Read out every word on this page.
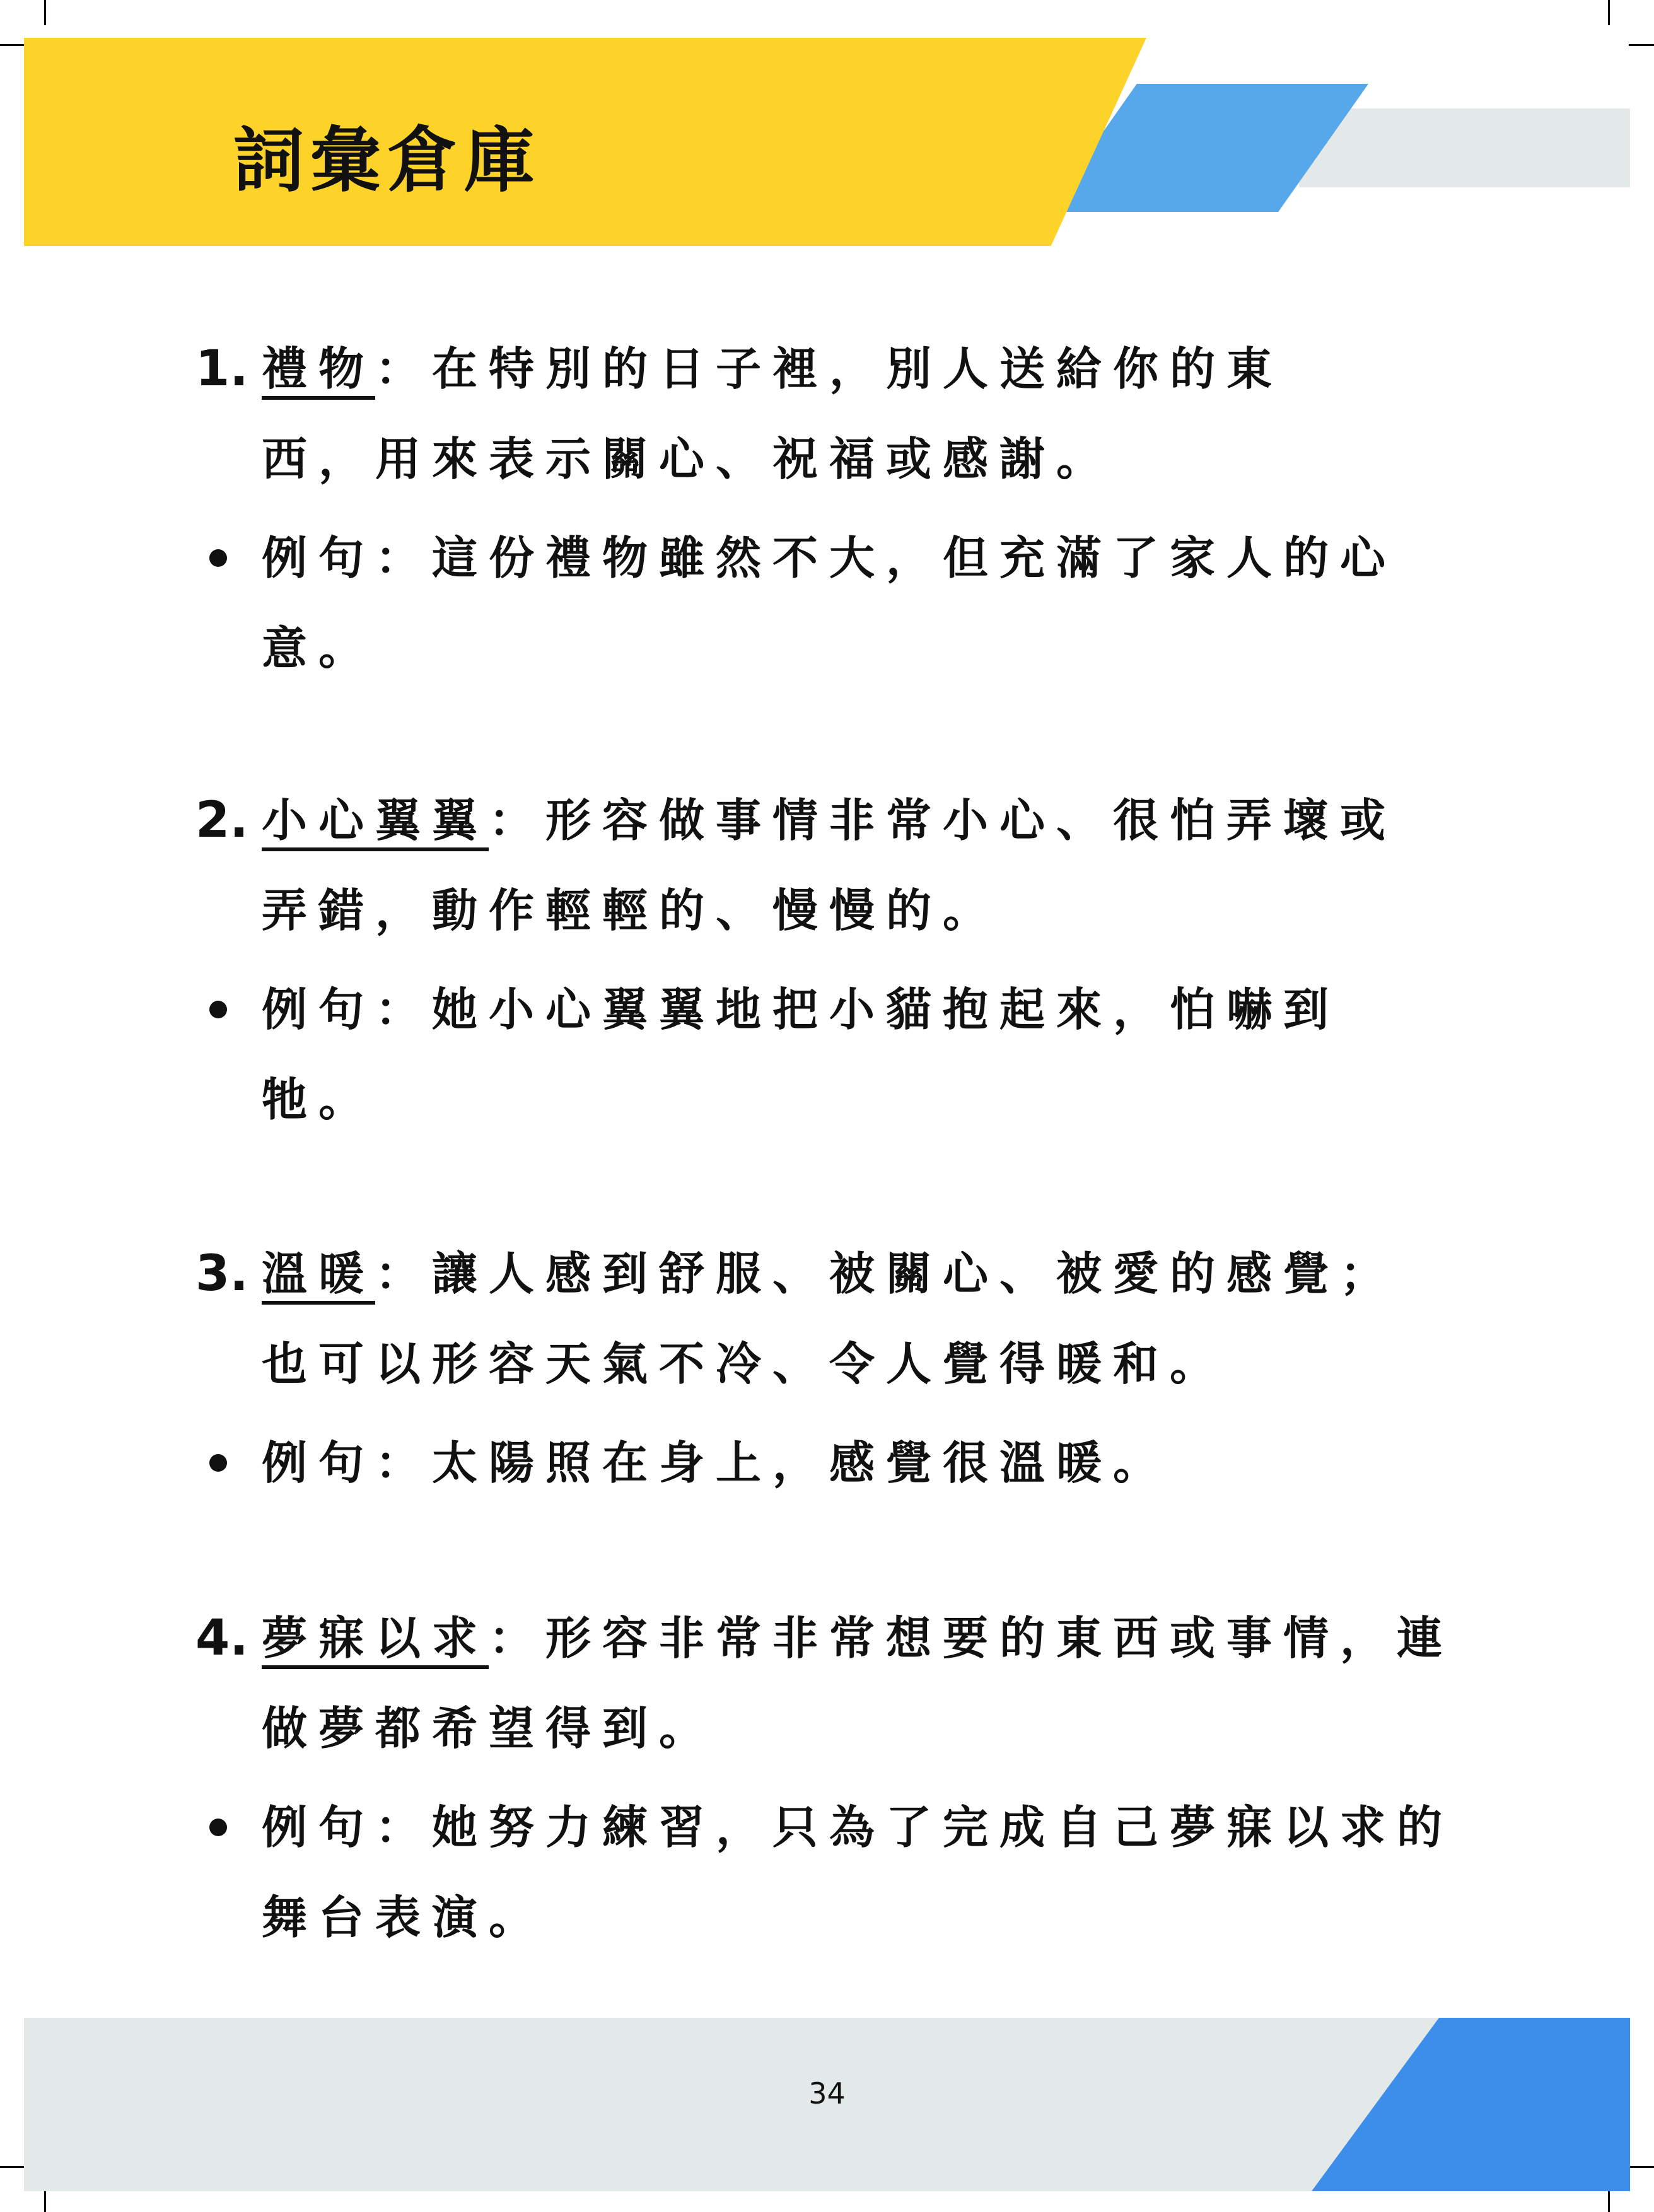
詞彙倉庫
1. 禮物：在特別的日子裡，別人送給你的東
西，用來表示關心、祝福或感謝。
例句：這份禮物雖然不大，但充滿了家人的心
意。
2. 小心翼翼：形容做事情非常小心、很怕弄壞或
弄錯，動作輕輕的、慢慢的。
例句：她小心翼翼地把小貓抱起來，怕嚇到
牠。
3. 溫暖：讓人感到舒服、被關心、被愛的感覺；
也可以形容天氣不冷、令人覺得暖和。
例句：太陽照在身上，感覺很溫暖。
4. 夢寐以求：形容非常非常想要的東西或事情，連
做夢都希望得到。
例句：她努力練習，只為了完成自己夢寐以求的
舞台表演。
34
